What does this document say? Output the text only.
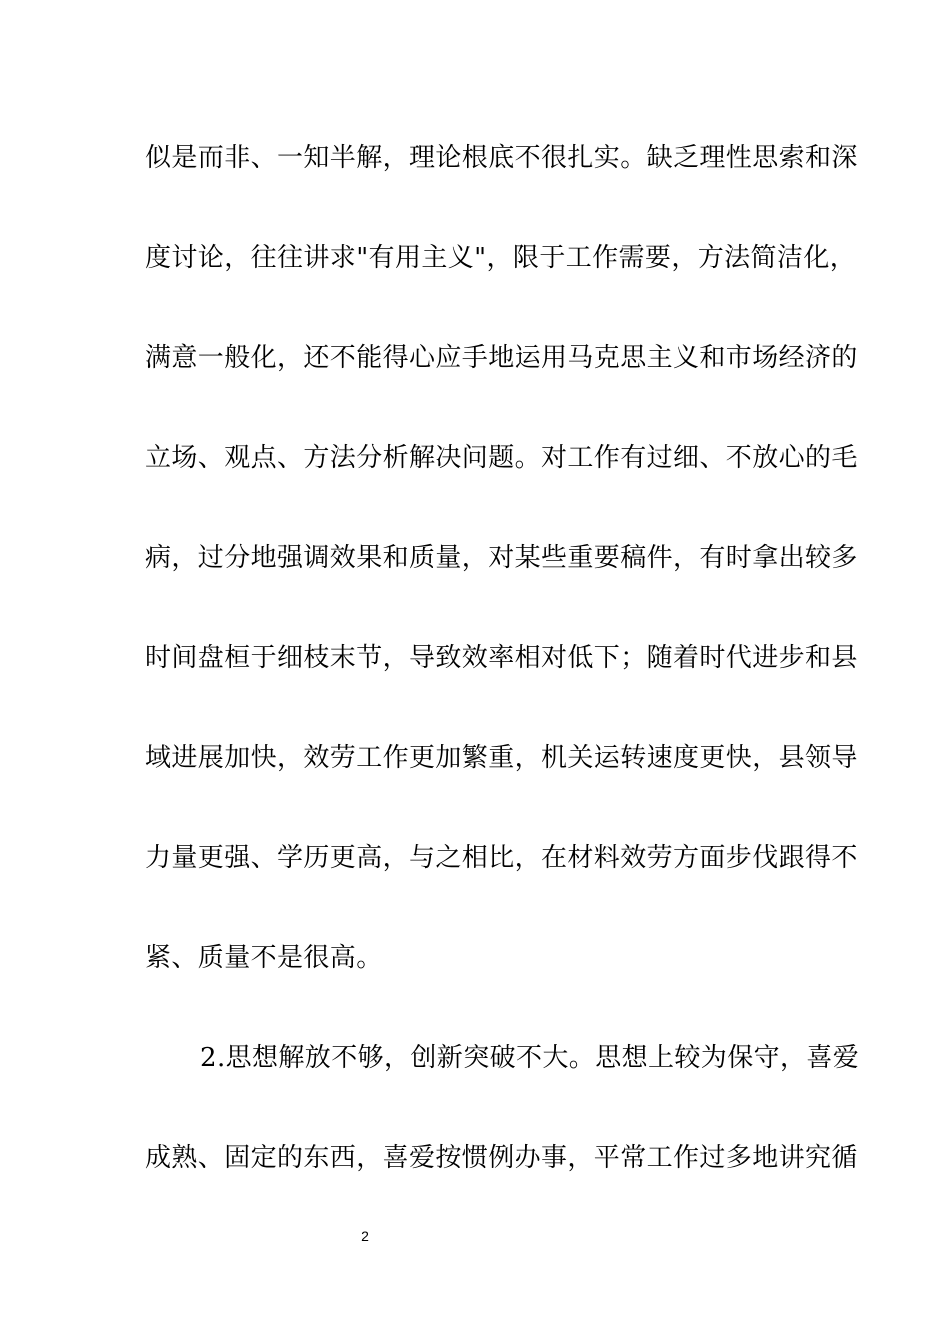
似是而非、一知半解，理论根底不很扎实。缺乏理性思索和深
度讨论，往往讲求"有用主义"，限于工作需要，方法简洁化，
满意一般化，还不能得心应手地运用马克思主义和市场经济的
立场、观点、方法分析解决问题。对工作有过细、不放心的毛
病，过分地强调效果和质量，对某些重要稿件，有时拿出较多
时间盘桓于细枝末节，导致效率相对低下；随着时代进步和县
域进展加快，效劳工作更加繁重，机关运转速度更快，县领导
力量更强、学历更高，与之相比，在材料效劳方面步伐跟得不
紧、质量不是很高。
2.思想解放不够，创新突破不大。思想上较为保守，喜爱
成熟、固定的东西，喜爱按惯例办事，平常工作过多地讲究循
2
